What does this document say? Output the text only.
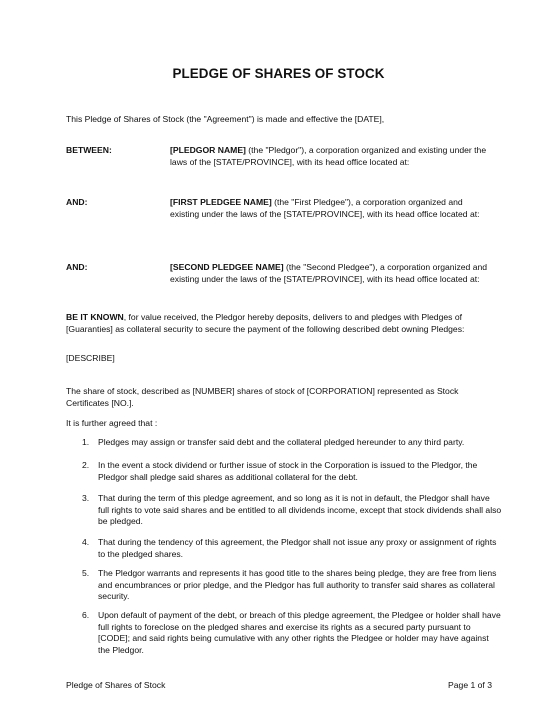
PLEDGE OF SHARES OF STOCK
This Pledge of Shares of Stock (the "Agreement") is made and effective the [DATE],
BETWEEN:	[PLEDGOR NAME] (the "Pledgor"), a corporation organized and existing under the laws of the [STATE/PROVINCE], with its head office located at:
AND:	[FIRST PLEDGEE NAME] (the "First Pledgee"), a corporation organized and existing under the laws of the [STATE/PROVINCE], with its head office located at:
AND:	[SECOND PLEDGEE NAME] (the "Second Pledgee"), a corporation organized and existing under the laws of the [STATE/PROVINCE], with its head office located at:
BE IT KNOWN, for value received, the Pledgor hereby deposits, delivers to and pledges with Pledges of [Guaranties] as collateral security to secure the payment of the following described debt owning Pledges:
[DESCRIBE]
The share of stock, described as [NUMBER] shares of stock of [CORPORATION] represented as Stock Certificates [NO.].
It is further agreed that :
1.	Pledges may assign or transfer said debt and the collateral pledged hereunder to any third party.
2.	In the event a stock dividend or further issue of stock in the Corporation is issued to the Pledgor, the Pledgor shall pledge said shares as additional collateral for the debt.
3.	That during the term of this pledge agreement, and so long as it is not in default, the Pledgor shall have full rights to vote said shares and be entitled to all dividends income, except that stock dividends shall also be pledged.
4.	That during the tendency of this agreement, the Pledgor shall not issue any proxy or assignment of rights to the pledged shares.
5.	The Pledgor warrants and represents it has good title to the shares being pledge, they are free from liens and encumbrances or prior pledge, and the Pledgor has full authority to transfer said shares as collateral security.
6.	Upon default of payment of the debt, or breach of this pledge agreement, the Pledgee or holder shall have full rights to foreclose on the pledged shares and exercise its rights as a secured party pursuant to [CODE]; and said rights being cumulative with any other rights the Pledgee or holder may have against the Pledgor.
Pledge of Shares of Stock	Page 1 of 3
